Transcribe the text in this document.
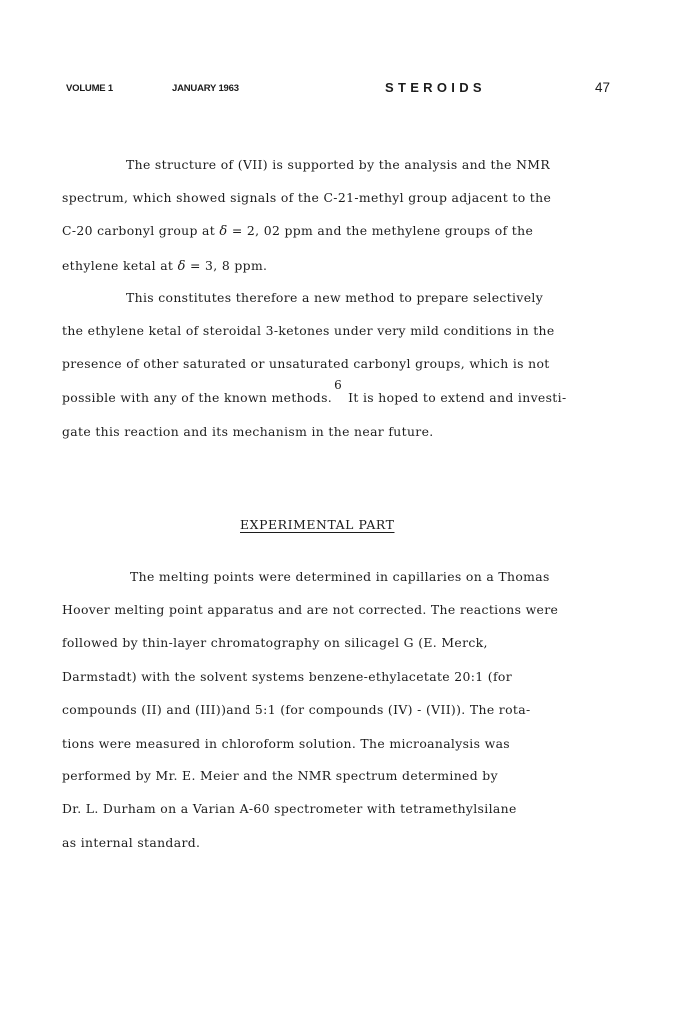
VOLUME 1	JANUARY 1963	STEROIDS	47
The structure of (VII) is supported by the analysis and the NMR
spectrum, which showed signals of the C-21-methyl group adjacent to the
C-20 carbonyl group at δ = 2, 02 ppm and the methylene groups of the
ethylene ketal at δ = 3, 8 ppm.
This constitutes therefore a new method to prepare selectively
the ethylene ketal of steroidal 3-ketones under very mild conditions in the
presence of other saturated or unsaturated carbonyl groups, which is not
possible with any of the known methods.6It is hoped to extend and investi-
gate this reaction and its mechanism in the near future.
EXPERIMENTAL PART
The melting points were determined in capillaries on a Thomas
Hoover melting point apparatus and are not corrected. The reactions were
followed by thin-layer chromatography on silicagel G (E. Merck,
Darmstadt) with the solvent systems benzene-ethylacetate 20:1 (for
compounds (II) and (III))and 5:1 (for compounds (IV) - (VII)). The rota-
tions were measured in chloroform solution. The microanalysis was
performed by Mr. E. Meier and the NMR spectrum determined by
Dr. L. Durham on a Varian A-60 spectrometer with tetramethylsilane
as internal standard.
